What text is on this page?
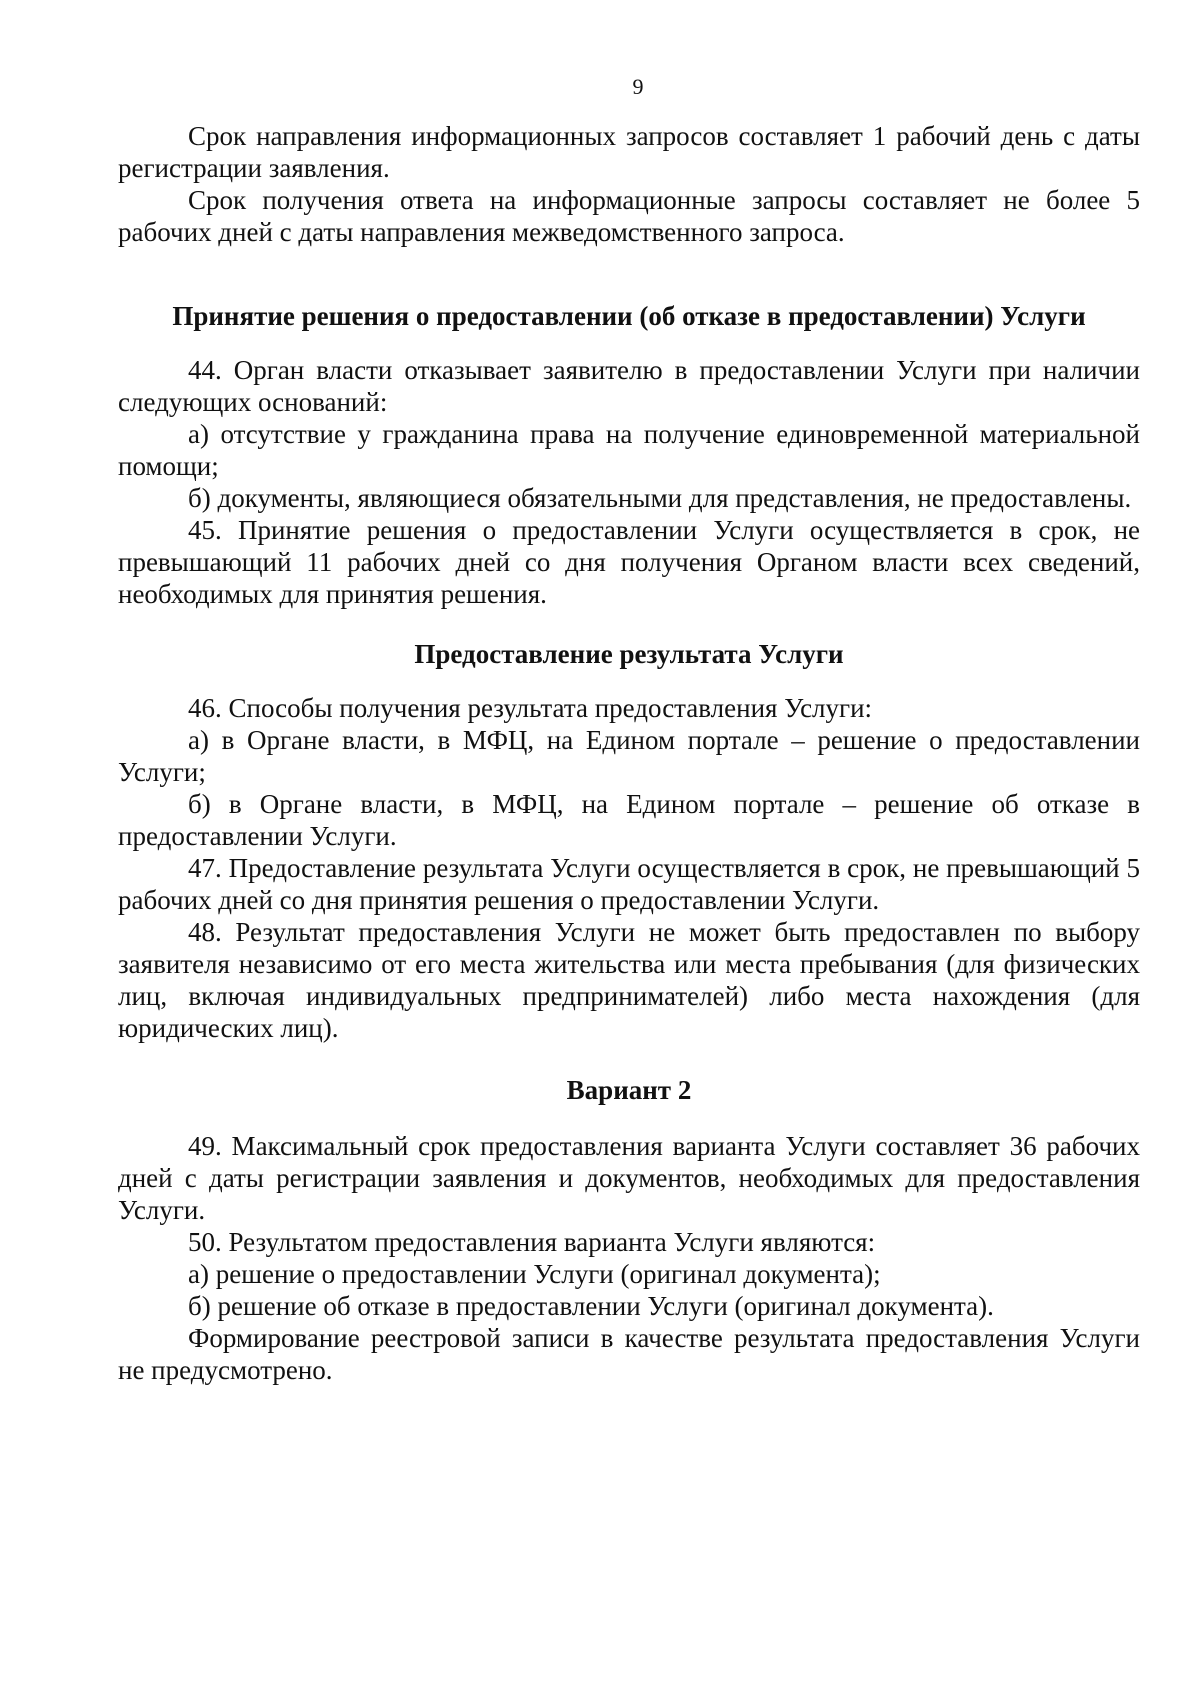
9

Срок направления информационных запросов составляет 1 рабочий день с даты регистрации заявления.

Срок получения ответа на информационные запросы составляет не более 5 рабочих дней с даты направления межведомственного запроса.

Принятие решения о предоставлении (об отказе в предоставлении) Услуги

44. Орган власти отказывает заявителю в предоставлении Услуги при наличии следующих оснований:

а) отсутствие у гражданина права на получение единовременной материальной помощи;

б) документы, являющиеся обязательными для представления, не предоставлены.

45. Принятие решения о предоставлении Услуги осуществляется в срок, не превышающий 11 рабочих дней со дня получения Органом власти всех сведений, необходимых для принятия решения.

Предоставление результата Услуги

46. Способы получения результата предоставления Услуги:

а) в Органе власти, в МФЦ, на Едином портале – решение о предоставлении Услуги;

б) в Органе власти, в МФЦ, на Едином портале – решение об отказе в предоставлении Услуги.

47. Предоставление результата Услуги осуществляется в срок, не превышающий 5 рабочих дней со дня принятия решения о предоставлении Услуги.

48. Результат предоставления Услуги не может быть предоставлен по выбору заявителя независимо от его места жительства или места пребывания (для физических лиц, включая индивидуальных предпринимателей) либо места нахождения (для юридических лиц).

Вариант 2

49. Максимальный срок предоставления варианта Услуги составляет 36 рабочих дней с даты регистрации заявления и документов, необходимых для предоставления Услуги.

50. Результатом предоставления варианта Услуги являются:

а) решение о предоставлении Услуги (оригинал документа);

б) решение об отказе в предоставлении Услуги (оригинал документа).

Формирование реестровой записи в качестве результата предоставления Услуги не предусмотрено.
